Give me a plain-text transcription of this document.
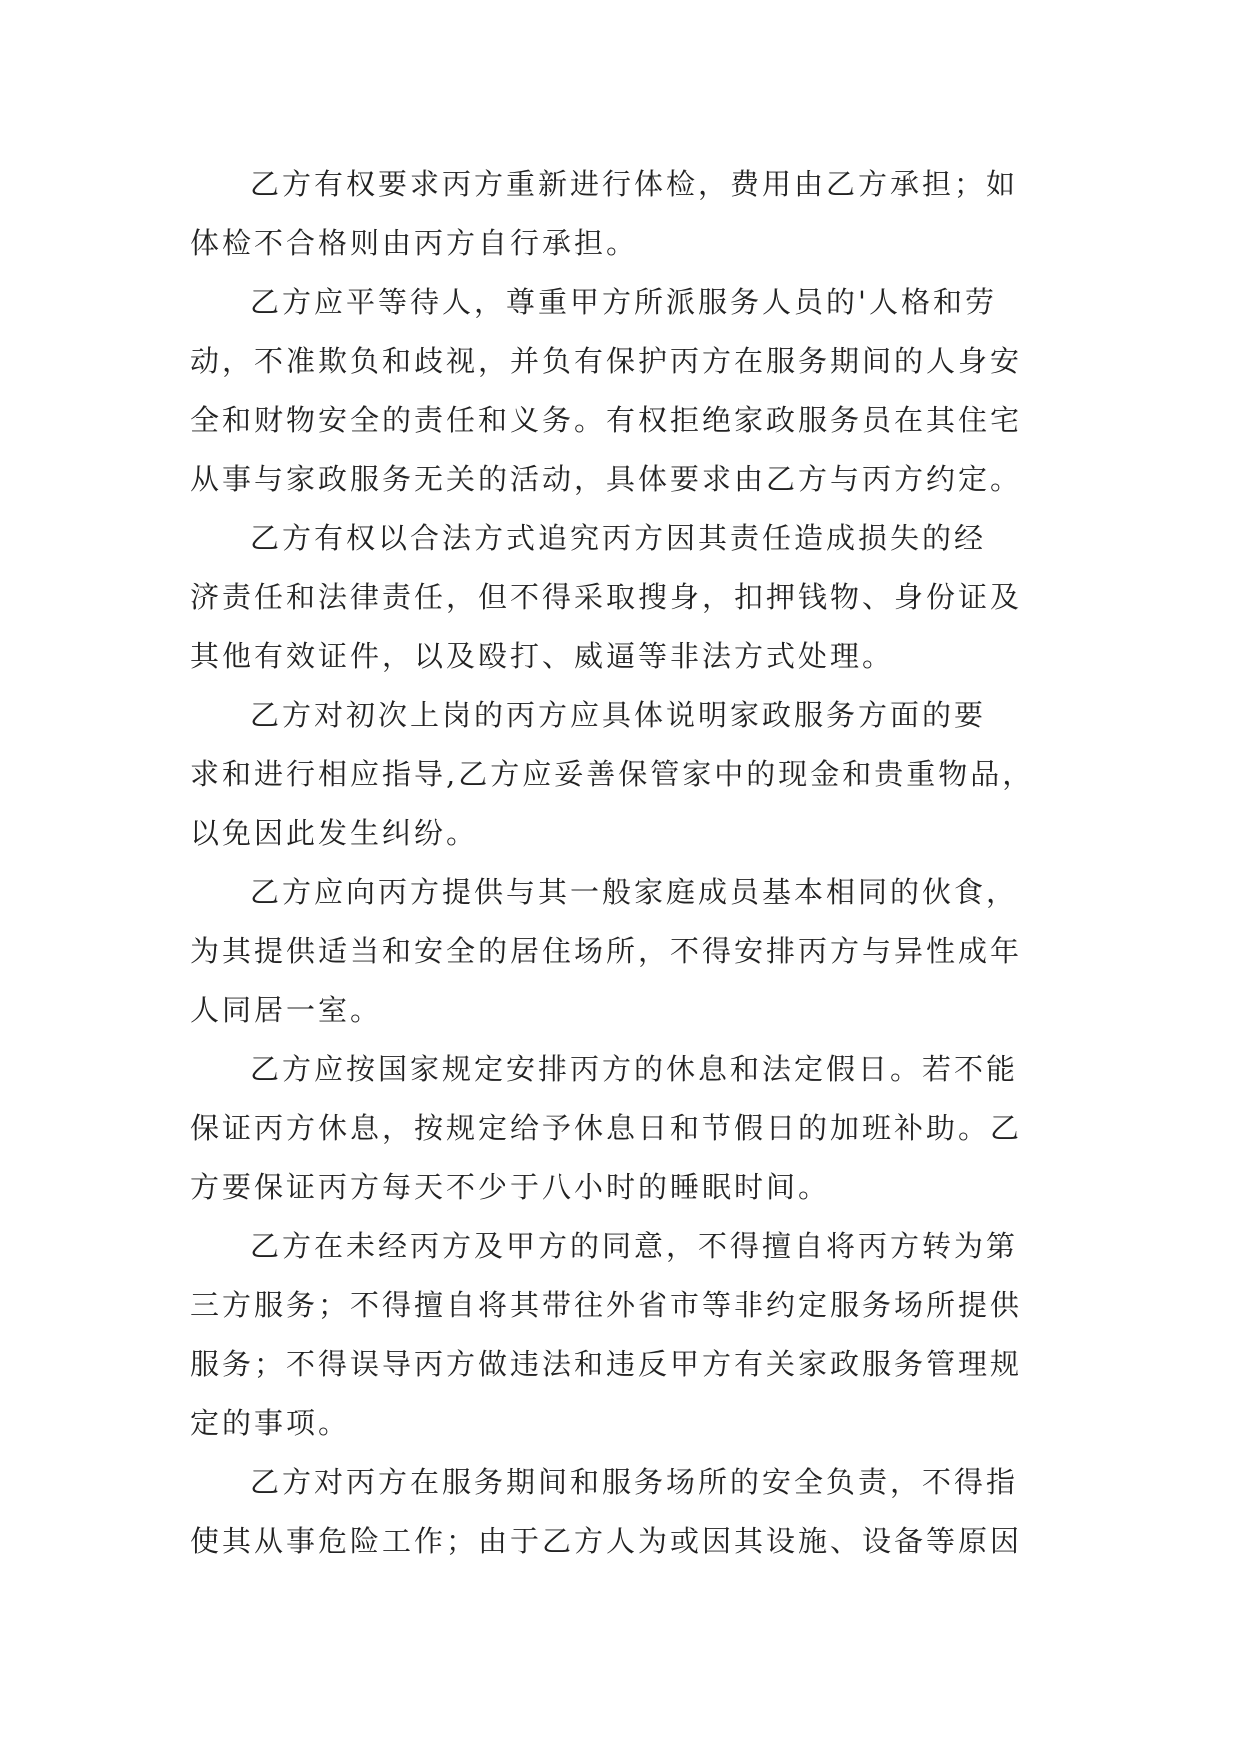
乙方有权要求丙方重新进行体检，费用由乙方承担；如
体检不合格则由丙方自行承担。
乙方应平等待人，尊重甲方所派服务人员的'人格和劳
动，不准欺负和歧视，并负有保护丙方在服务期间的人身安
全和财物安全的责任和义务。有权拒绝家政服务员在其住宅
从事与家政服务无关的活动，具体要求由乙方与丙方约定。
乙方有权以合法方式追究丙方因其责任造成损失的经
济责任和法律责任，但不得采取搜身，扣押钱物、身份证及
其他有效证件，以及殴打、威逼等非法方式处理。
乙方对初次上岗的丙方应具体说明家政服务方面的要
求和进行相应指导,乙方应妥善保管家中的现金和贵重物品，
以免因此发生纠纷。
乙方应向丙方提供与其一般家庭成员基本相同的伙食，
为其提供适当和安全的居住场所，不得安排丙方与异性成年
人同居一室。
乙方应按国家规定安排丙方的休息和法定假日。若不能
保证丙方休息，按规定给予休息日和节假日的加班补助。乙
方要保证丙方每天不少于八小时的睡眠时间。
乙方在未经丙方及甲方的同意，不得擅自将丙方转为第
三方服务；不得擅自将其带往外省市等非约定服务场所提供
服务；不得误导丙方做违法和违反甲方有关家政服务管理规
定的事项。
乙方对丙方在服务期间和服务场所的安全负责，不得指
使其从事危险工作；由于乙方人为或因其设施、设备等原因
